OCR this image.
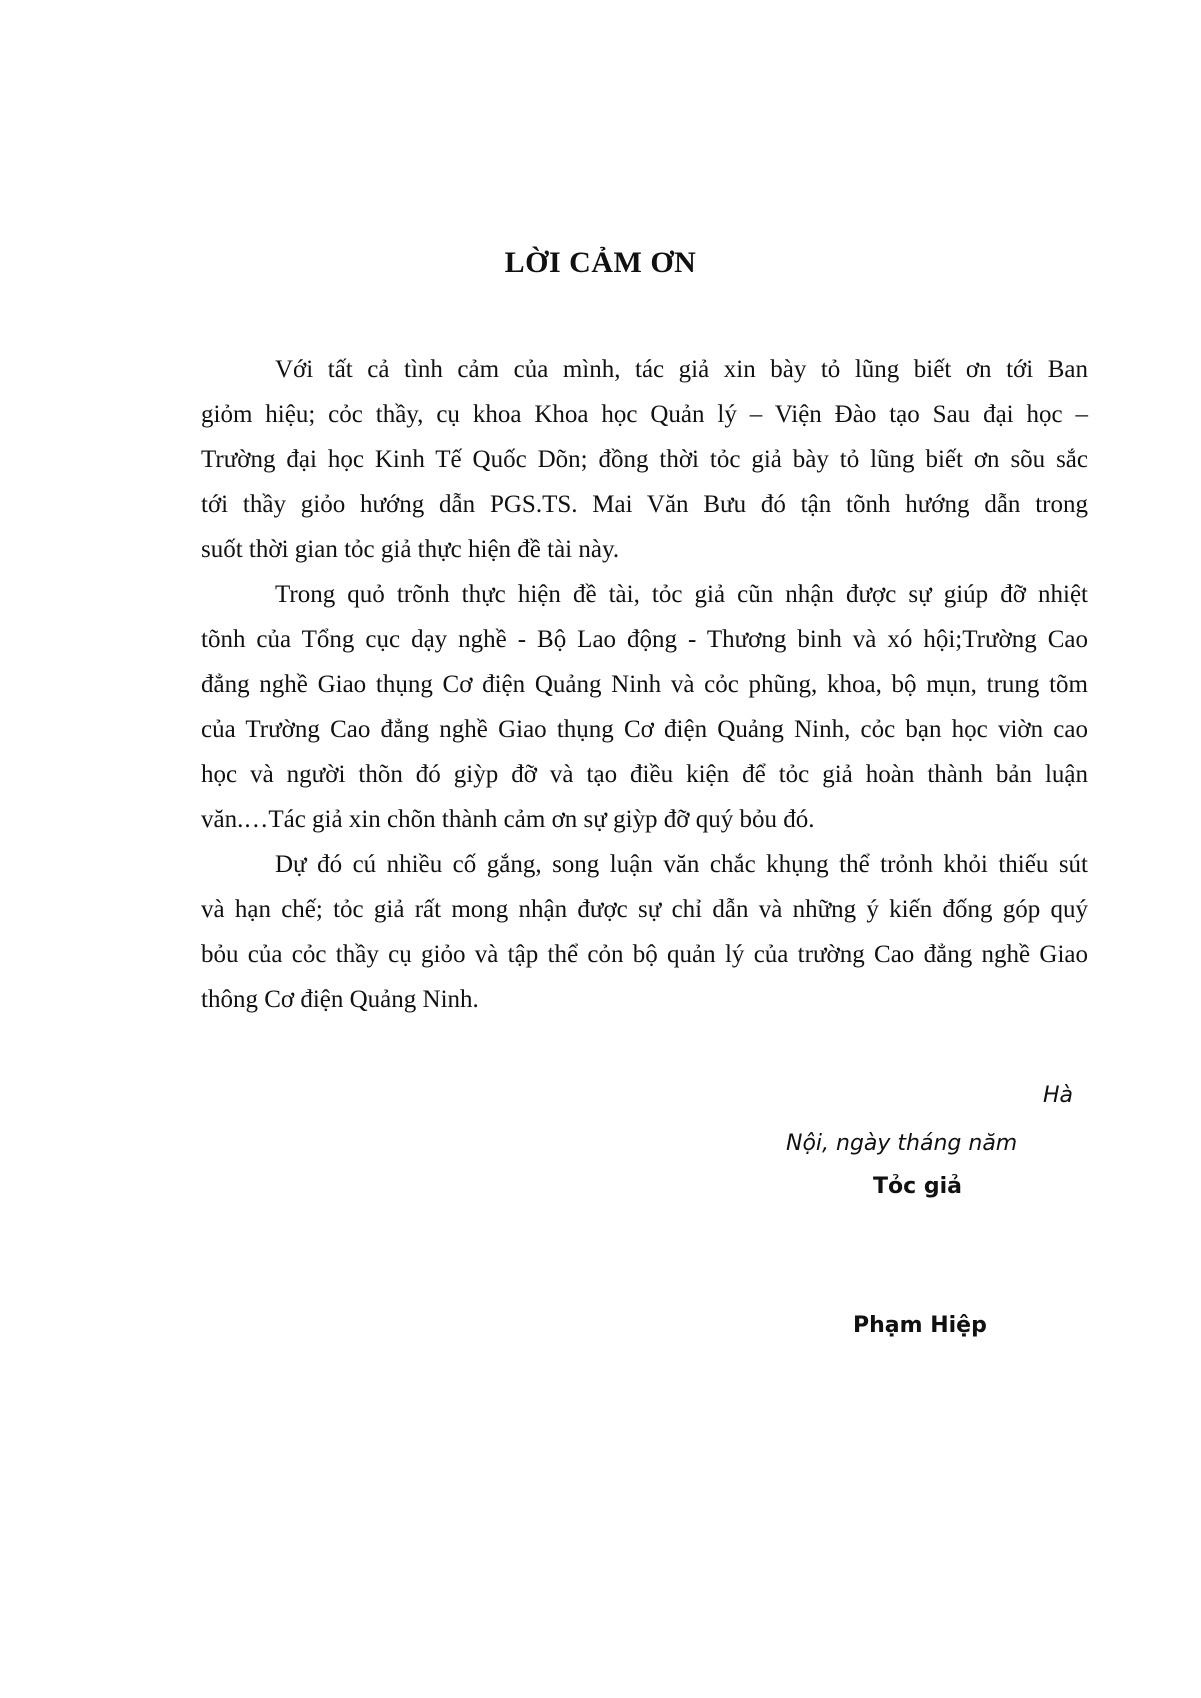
LỜI CẢM ƠN
Với tất cả tình cảm của mình, tác giả xin bày tỏ lũng biết ơn tới Ban
giỏm hiệu; cỏc thầy, cụ khoa Khoa học Quản lý – Viện Đào tạo Sau đại học –
Trường đại học Kinh Tế Quốc Dõn; đồng thời tỏc giả bày tỏ lũng biết ơn sõu sắc
tới thầy giỏo hướng dẫn PGS.TS. Mai Văn Bưu đó tận tõnh hướng dẫn trong
suốt thời gian tỏc giả thực hiện đề tài này.
Trong quỏ trõnh thực hiện đề tài, tỏc giả cũn nhận được sự giúp đỡ nhiệt
tõnh của Tổng cục dạy nghề - Bộ Lao động - Thương binh và xó hội;Trường Cao
đẳng nghề Giao thụng Cơ điện Quảng Ninh và cỏc phũng, khoa, bộ mụn, trung tõm
của Trường Cao đẳng nghề Giao thụng Cơ điện Quảng Ninh, cỏc bạn học viờn cao
học và người thõn đó giỳp đỡ và tạo điều kiện để tỏc giả hoàn thành bản luận
văn.…Tác giả xin chõn thành cảm ơn sự giỳp đỡ quý bỏu đó.
Dự đó cú nhiều cố gắng, song luận văn chắc khụng thể trỏnh khỏi thiếu sút
và hạn chế; tỏc giả rất mong nhận được sự chỉ dẫn và những ý kiến đống góp quý
bỏu của cỏc thầy cụ giỏo và tập thể cỏn bộ quản lý của trường Cao đẳng nghề Giao
thông Cơ điện Quảng Ninh.
Hà
Nội, ngày tháng năm
Tỏc giả
Phạm Hiệp
